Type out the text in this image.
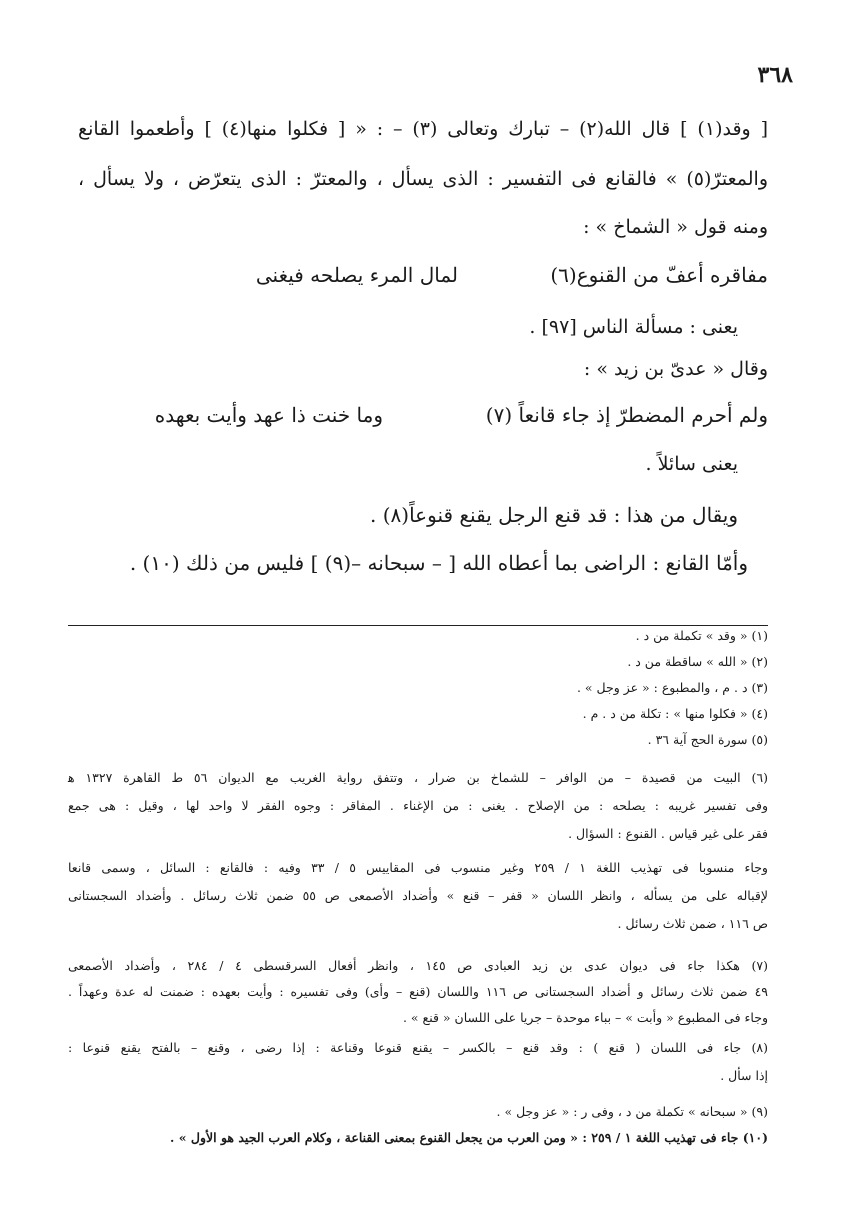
٣٦٨
[ وقد(١) ] قال الله(٢) – تبارك وتعالى (٣) – : « [ فكلوا منها(٤) ] وأطعموا القانع
والمعترّ(٥) » فالقانع فى التفسير : الذى يسأل ، والمعترّ : الذى يتعرّض ، ولا يسأل ،
ومنه قول « الشماخ » :
لمال المرء يصلحه فيغنى	مفاقره أعفّ من القنوع(٦)
يعنى : مسألة الناس [٩٧] .
وقال « عدىّ بن زيد » :
وما خنت ذا عهد وأيت بعهده	ولم أحرم المضطرّ إذ جاء قانعاً (٧)
يعنى سائلاً .
ويقال من هذا : قد قنع الرجل يقنع قنوعاً(٨) .
وأمّا القانع : الراضى بما أعطاه الله [ – سبحانه –(٩) ] فليس من ذلك (١٠) .
(١) « وقد » تكملة من د .
(٢) « الله » ساقطة من د .
(٣) د . م ، والمطبوع : « عز وجل » .
(٤) « فكلوا منها » : تكلة من د . م .
(٥) سورة الحج آية ٣٦ .
(٦) البيت من قصيدة – من الوافر – للشماخ بن ضرار ، وتتفق رواية الغريب مع الديوان ٥٦ ط القاهرة ١٣٢٧ ﻫ
وفى تفسير غريبه : يصلحه : من الإصلاح . يغنى : من الإغناء . المفاقر : وجوه الفقر لا واحد لها ، وقيل : هى جمع
فقر على غير قياس . القنوع : السؤال .
وجاء منسوبا فى تهذيب اللغة ١ / ٢٥٩ وغير منسوب فى المقاييس ٥ / ٣٣ وفيه : فالقانع : السائل ، وسمى قانعا
لإقباله على من يسأله ، وانظر اللسان « قفر – قنع » وأضداد الأصمعى ص ٥٥ ضمن ثلاث رسائل . وأضداد السجستانى
ص ١١٦ ، ضمن ثلاث رسائل .
(٧) هكذا جاء فى ديوان عدى بن زيد العبادى ص ١٤٥ ، وانظر أفعال السرقسطى ٤ / ٢٨٤ ، وأضداد الأصمعى
٤٩ ضمن ثلاث رسائل و أضداد السجستانى ص ١١٦ واللسان (قنع – وأى) وفى تفسيره : وأيت بعهده : ضمنت له عدة وعهداً .
وجاء فى المطبوع « وأبت » – بباء موحدة – جريا على اللسان « قنع » .
(٨) جاء فى اللسان ( قنع ) : وقد قنع – بالكسر – يقنع قنوعا وقناعة : إذا رضى ، وقنع – بالفتح يقنع قنوعا :
إذا سأل .
(٩) « سبحانه » تكملة من د ، وفى ر : « عز وجل » .
(١٠) جاء فى تهذيب اللغة ١ / ٢٥٩ : « ومن العرب من يجعل القنوع بمعنى القناعة ، وكلام العرب الجيد هو الأول » .
